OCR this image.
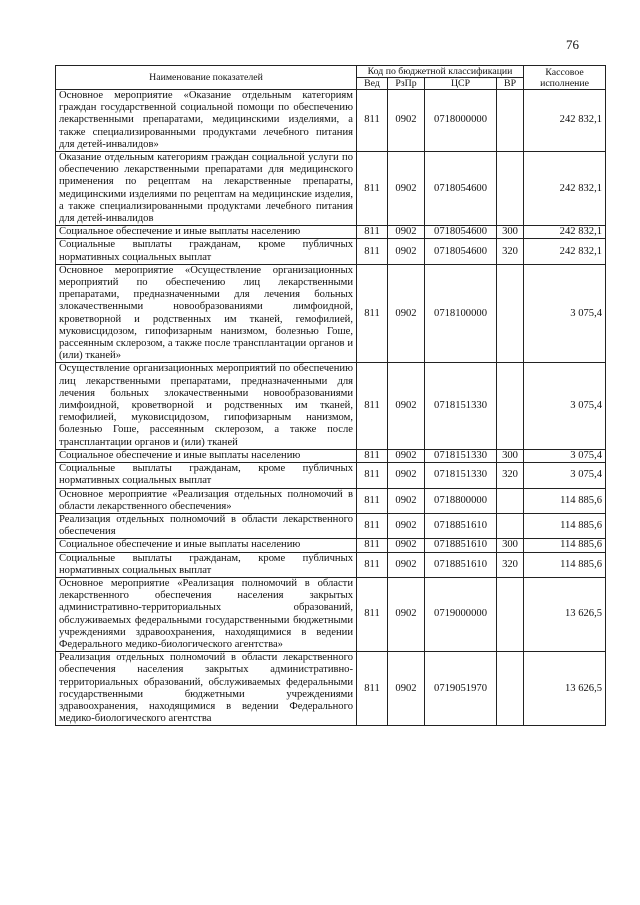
76
Наименование показателей	Код по бюджетной классификации				Кассовое исполнение
	Вед	РзПр	ЦСР	ВР	
Основное мероприятие «Оказание отдельным категориям граждан государственной социальной помощи по обеспечению лекарственными препаратами, медицинскими изделиями, а также специализированными продуктами лечебного питания для детей-инвалидов»	811	0902	0718000000		242 832,1
Оказание отдельным категориям граждан социальной услуги по обеспечению лекарственными препаратами для медицинского применения по рецептам на лекарственные препараты, медицинскими изделиями по рецептам на медицинские изделия, а также специализированными продуктами лечебного питания для детей-инвалидов	811	0902	0718054600		242 832,1
Социальное обеспечение и иные выплаты населению	811	0902	0718054600	300	242 832,1
Социальные выплаты гражданам, кроме публичных нормативных социальных выплат	811	0902	0718054600	320	242 832,1
Основное мероприятие «Осуществление организационных мероприятий по обеспечению лиц лекарственными препаратами, предназначенными для лечения больных злокачественными новообразованиями лимфоидной, кроветворной и родственных им тканей, гемофилией, муковисцидозом, гипофизарным нанизмом, болезнью Гоше, рассеянным склерозом, а также после трансплантации органов и (или) тканей»	811	0902	0718100000		3 075,4
Осуществление организационных мероприятий по обеспечению лиц лекарственными препаратами, предназначенными для лечения больных злокачественными новообразованиями лимфоидной, кроветворной и родственных им тканей, гемофилией, муковисцидозом, гипофизарным нанизмом, болезнью Гоше, рассеянным склерозом, а также после трансплантации органов и (или) тканей	811	0902	0718151330		3 075,4
Социальное обеспечение и иные выплаты населению	811	0902	0718151330	300	3 075,4
Социальные выплаты гражданам, кроме публичных нормативных социальных выплат	811	0902	0718151330	320	3 075,4
Основное мероприятие «Реализация отдельных полномочий в области лекарственного обеспечения»	811	0902	0718800000		114 885,6
Реализация отдельных полномочий в области лекарственного обеспечения	811	0902	0718851610		114 885,6
Социальное обеспечение и иные выплаты населению	811	0902	0718851610	300	114 885,6
Социальные выплаты гражданам, кроме публичных нормативных социальных выплат	811	0902	0718851610	320	114 885,6
Основное мероприятие «Реализация полномочий в области лекарственного обеспечения населения закрытых административно-территориальных образований, обслуживаемых федеральными государственными бюджетными учреждениями здравоохранения, находящимися в ведении Федерального медико-биологического агентства»	811	0902	0719000000		13 626,5
Реализация отдельных полномочий в области лекарственного обеспечения населения закрытых административно-территориальных образований, обслуживаемых федеральными государственными бюджетными учреждениями здравоохранения, находящимися в ведении Федерального медико-биологического агентства	811	0902	0719051970		13 626,5
